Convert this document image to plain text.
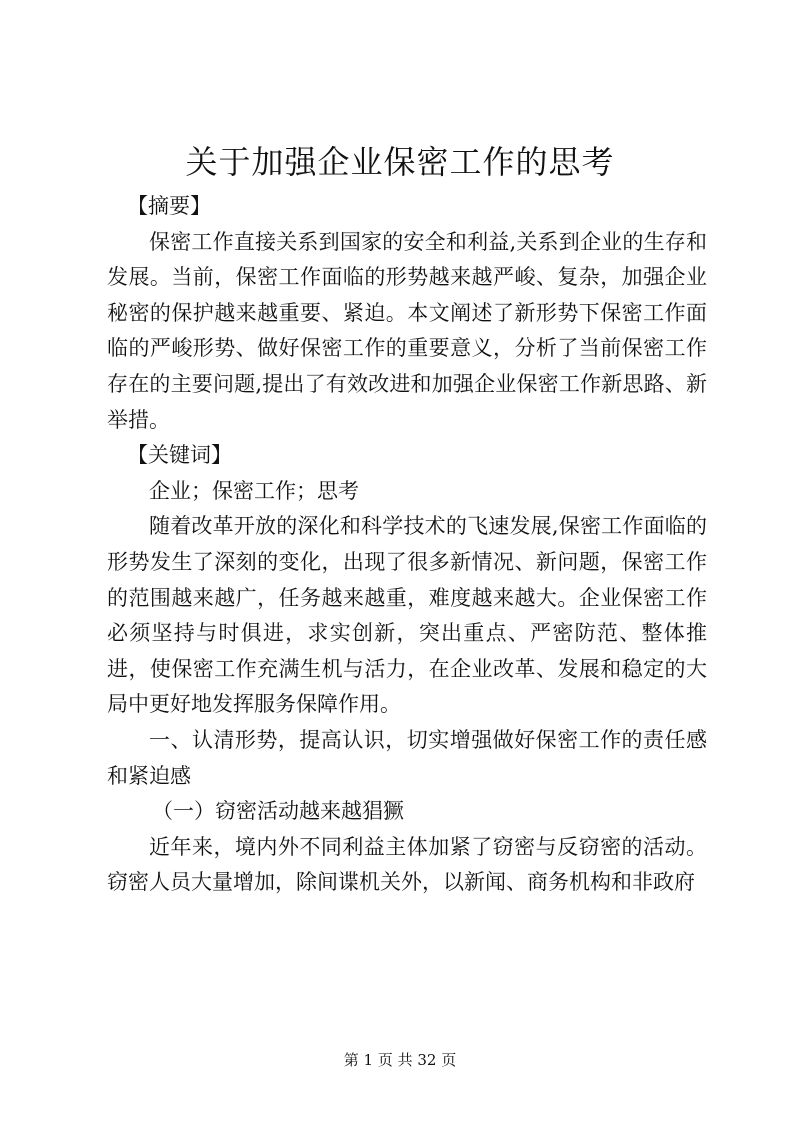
关于加强企业保密工作的思考

【摘要】

保密工作直接关系到国家的安全和利益,关系到企业的生存和发展。当前，保密工作面临的形势越来越严峻、复杂，加强企业秘密的保护越来越重要、紧迫。本文阐述了新形势下保密工作面临的严峻形势、做好保密工作的重要意义，分析了当前保密工作存在的主要问题,提出了有效改进和加强企业保密工作新思路、新举措。

【关键词】

企业；保密工作；思考

随着改革开放的深化和科学技术的飞速发展,保密工作面临的形势发生了深刻的变化，出现了很多新情况、新问题，保密工作的范围越来越广，任务越来越重，难度越来越大。企业保密工作必须坚持与时俱进，求实创新，突出重点、严密防范、整体推进，使保密工作充满生机与活力，在企业改革、发展和稳定的大局中更好地发挥服务保障作用。

一、认清形势，提高认识，切实增强做好保密工作的责任感和紧迫感

（一）窃密活动越来越猖獗

近年来，境内外不同利益主体加紧了窃密与反窃密的活动。窃密人员大量增加，除间谍机关外，以新闻、商务机构和非政府

第 1 页 共 32 页
